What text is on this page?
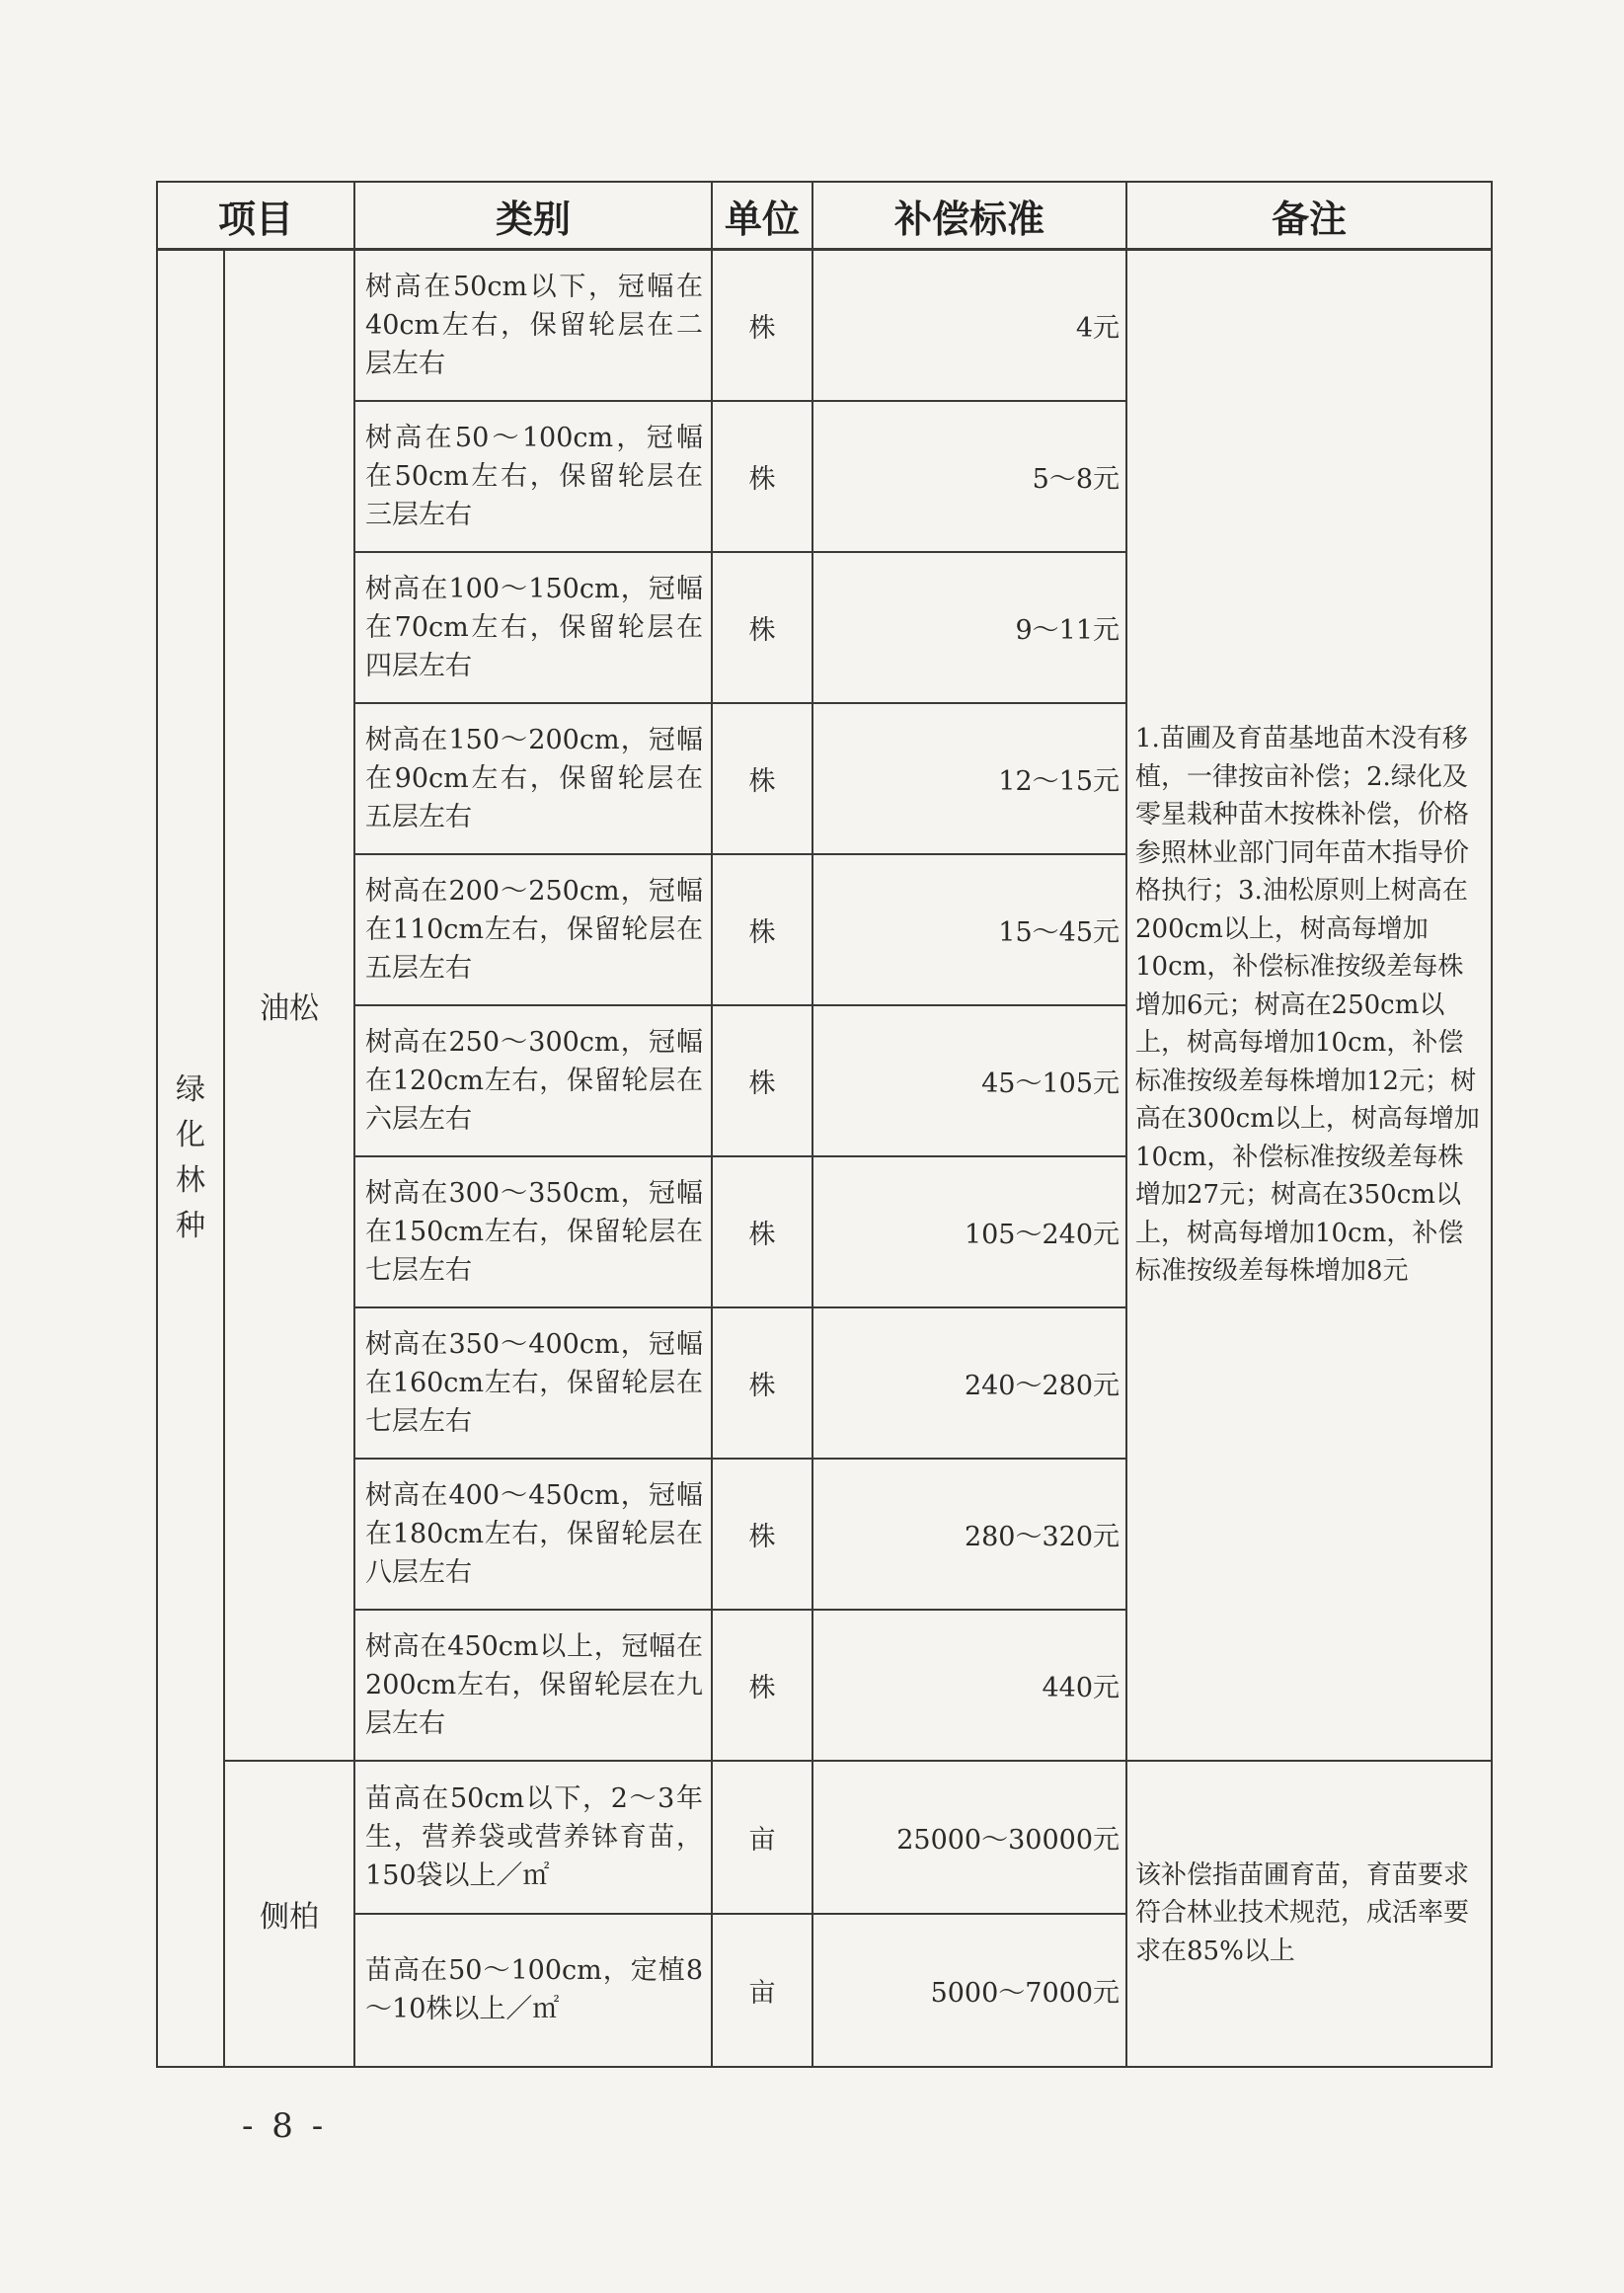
项目		类别	单位	补偿标准	备注
绿化林种	油松	树高在50cm以下，冠幅在40cm左右，保留轮层在二层左右	株	4元	1.苗圃及育苗基地苗木没有移植，一律按亩补偿；2.绿化及零星栽种苗木按株补偿，价格参照林业部门同年苗木指导价格执行；3.油松原则上树高在200cm以上，树高每增加10cm，补偿标准按级差每株增加6元；树高在250cm以上，树高每增加10cm，补偿标准按级差每株增加12元；树高在300cm以上，树高每增加10cm，补偿标准按级差每株增加27元；树高在350cm以上，树高每增加10cm，补偿标准按级差每株增加8元
		树高在50～100cm，冠幅在50cm左右，保留轮层在三层左右	株	5～8元	
		树高在100～150cm，冠幅在70cm左右，保留轮层在四层左右	株	9～11元	
		树高在150～200cm，冠幅在90cm左右，保留轮层在五层左右	株	12～15元	
		树高在200～250cm，冠幅在110cm左右，保留轮层在五层左右	株	15～45元	
		树高在250～300cm，冠幅在120cm左右，保留轮层在六层左右	株	45～105元	
		树高在300～350cm，冠幅在150cm左右，保留轮层在七层左右	株	105～240元	
		树高在350～400cm，冠幅在160cm左右，保留轮层在七层左右	株	240～280元	
		树高在400～450cm，冠幅在180cm左右，保留轮层在八层左右	株	280～320元	
		树高在450cm以上，冠幅在200cm左右，保留轮层在九层左右	株	440元	
	侧柏	苗高在50cm以下，2～3年生，营养袋或营养钵育苗，150袋以上／㎡	亩	25000～30000元	该补偿指苗圃育苗，育苗要求符合林业技术规范，成活率要求在85%以上
		苗高在50～100cm，定植8～10株以上／㎡	亩	5000～7000元	
- 8 -
